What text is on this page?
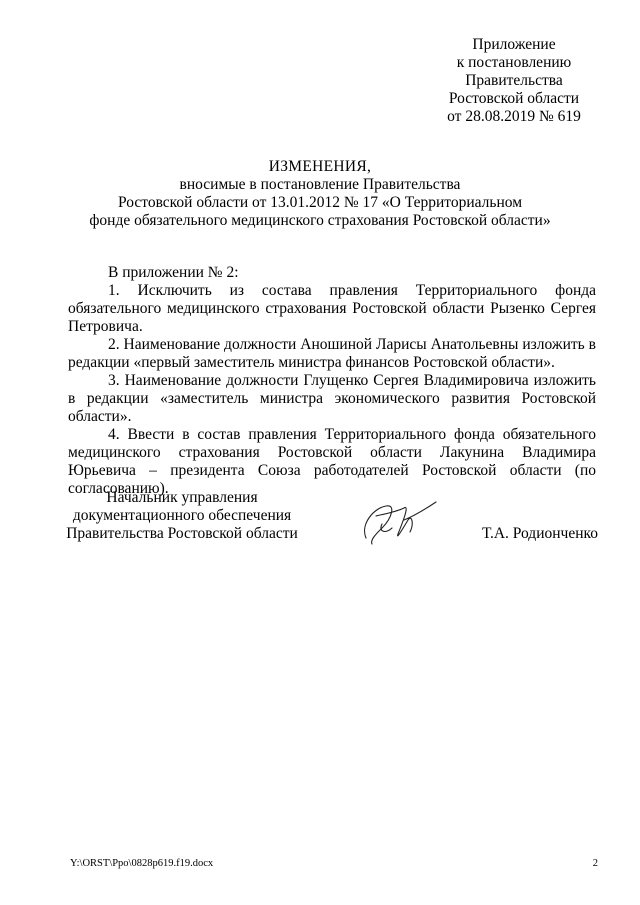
Приложение
к постановлению
Правительства
Ростовской области
от 28.08.2019 № 619
ИЗМЕНЕНИЯ,
вносимые в постановление Правительства
Ростовской области от 13.01.2012 № 17 «О Территориальном
фонде обязательного медицинского страхования Ростовской области»

В приложении № 2:

1. Исключить из состава правления Территориального фонда обязательного медицинского страхования Ростовской области Рызенко Сергея Петровича.

2. Наименование должности Аношиной Ларисы Анатольевны изложить в редакции «первый заместитель министра финансов Ростовской области».

3. Наименование должности Глущенко Сергея Владимировича изложить в редакции «заместитель министра экономического развития Ростовской области».

4. Ввести в состав правления Территориального фонда обязательного медицинского страхования Ростовской области Лакунина Владимира Юрьевича – президента Союза работодателей Ростовской области (по согласованию).

Начальник управления
документационного обеспечения
Правительства Ростовской области	Т.А. Родионченко
Y:\ORST\Ppo\0828p619.f19.docx	2
